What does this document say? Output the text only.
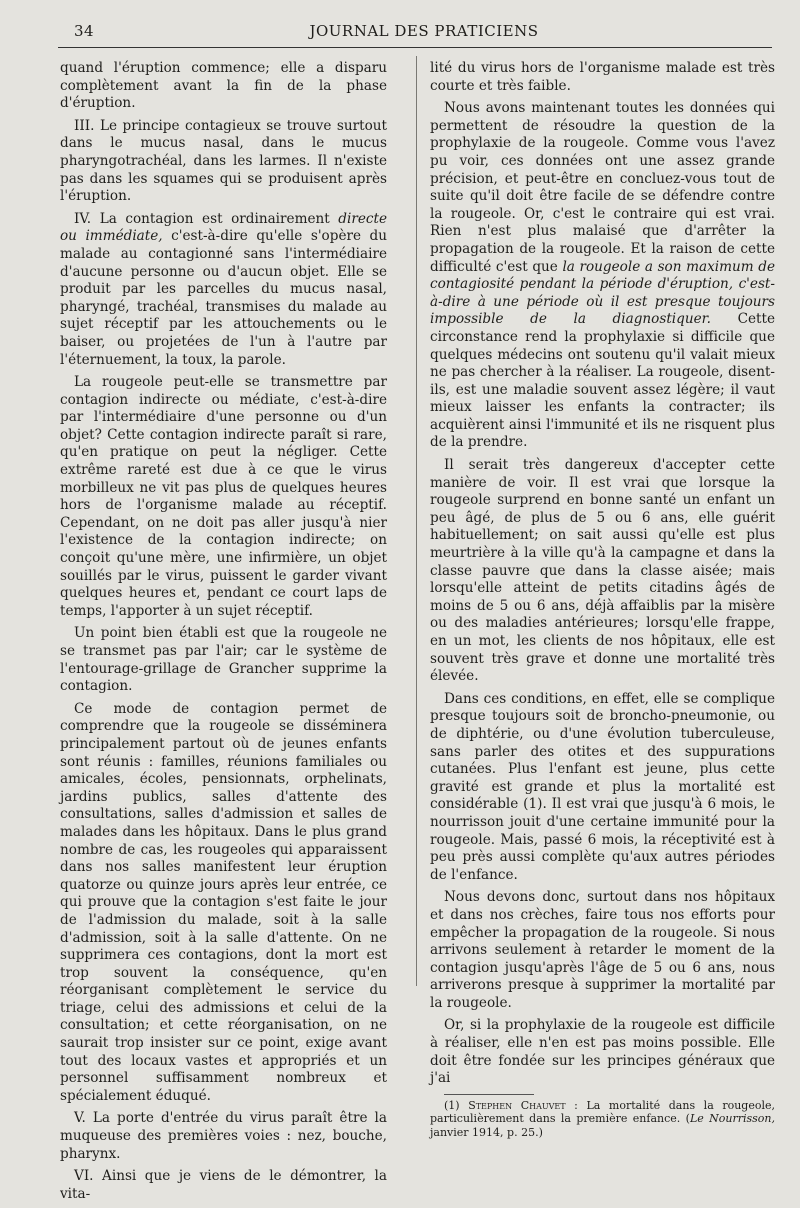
34	JOURNAL DES PRATICIENS

quand l'éruption commence; elle a disparu complètement avant la fin de la phase d'éruption.

III. Le principe contagieux se trouve surtout dans le mucus nasal, dans le mucus pharyngotrachéal, dans les larmes. Il n'existe pas dans les squames qui se produisent après l'éruption.

IV. La contagion est ordinairement directe ou immédiate, c'est-à-dire qu'elle s'opère du malade au contagionné sans l'intermédiaire d'aucune personne ou d'aucun objet. Elle se produit par les parcelles du mucus nasal, pharyngé, trachéal, transmises du malade au sujet réceptif par les attouchements ou le baiser, ou projetées de l'un à l'autre par l'éternuement, la toux, la parole.

La rougeole peut-elle se transmettre par contagion indirecte ou médiate, c'est-à-dire par l'intermédiaire d'une personne ou d'un objet? Cette contagion indirecte paraît si rare, qu'en pratique on peut la négliger. Cette extrême rareté est due à ce que le virus morbilleux ne vit pas plus de quelques heures hors de l'organisme malade au réceptif. Cependant, on ne doit pas aller jusqu'à nier l'existence de la contagion indirecte; on conçoit qu'une mère, une infirmière, un objet souillés par le virus, puissent le garder vivant quelques heures et, pendant ce court laps de temps, l'apporter à un sujet réceptif.

Un point bien établi est que la rougeole ne se transmet pas par l'air; car le système de l'entourage-grillage de Grancher supprime la contagion.

Ce mode de contagion permet de comprendre que la rougeole se disséminera principalement partout où de jeunes enfants sont réunis : familles, réunions familiales ou amicales, écoles, pensionnats, orphelinats, jardins publics, salles d'attente des consultations, salles d'admission et salles de malades dans les hôpitaux. Dans le plus grand nombre de cas, les rougeoles qui apparaissent dans nos salles manifestent leur éruption quatorze ou quinze jours après leur entrée, ce qui prouve que la contagion s'est faite le jour de l'admission du malade, soit à la salle d'admission, soit à la salle d'attente. On ne supprimera ces contagions, dont la mort est trop souvent la conséquence, qu'en réorganisant complètement le service du triage, celui des admissions et celui de la consultation; et cette réorganisation, on ne saurait trop insister sur ce point, exige avant tout des locaux vastes et appropriés et un personnel suffisamment nombreux et spécialement éduqué.

V. La porte d'entrée du virus paraît être la muqueuse des premières voies : nez, bouche, pharynx.

VI. Ainsi que je viens de le démontrer, la vita-

lité du virus hors de l'organisme malade est très courte et très faible.

Nous avons maintenant toutes les données qui permettent de résoudre la question de la prophylaxie de la rougeole. Comme vous l'avez pu voir, ces données ont une assez grande précision, et peut-être en concluez-vous tout de suite qu'il doit être facile de se défendre contre la rougeole. Or, c'est le contraire qui est vrai. Rien n'est plus malaisé que d'arrêter la propagation de la rougeole. Et la raison de cette difficulté c'est que la rougeole a son maximum de contagiosité pendant la période d'éruption, c'est-à-dire à une période où il est presque toujours impossible de la diagnostiquer. Cette circonstance rend la prophylaxie si difficile que quelques médecins ont soutenu qu'il valait mieux ne pas chercher à la réaliser. La rougeole, disent-ils, est une maladie souvent assez légère; il vaut mieux laisser les enfants la contracter; ils acquièrent ainsi l'immunité et ils ne risquent plus de la prendre.

Il serait très dangereux d'accepter cette manière de voir. Il est vrai que lorsque la rougeole surprend en bonne santé un enfant un peu âgé, de plus de 5 ou 6 ans, elle guérit habituellement; on sait aussi qu'elle est plus meurtrière à la ville qu'à la campagne et dans la classe pauvre que dans la classe aisée; mais lorsqu'elle atteint de petits citadins âgés de moins de 5 ou 6 ans, déjà affaiblis par la misère ou des maladies antérieures; lorsqu'elle frappe, en un mot, les clients de nos hôpitaux, elle est souvent très grave et donne une mortalité très élevée.

Dans ces conditions, en effet, elle se complique presque toujours soit de broncho-pneumonie, ou de diphtérie, ou d'une évolution tuberculeuse, sans parler des otites et des suppurations cutanées. Plus l'enfant est jeune, plus cette gravité est grande et plus la mortalité est considérable (1). Il est vrai que jusqu'à 6 mois, le nourrisson jouit d'une certaine immunité pour la rougeole. Mais, passé 6 mois, la réceptivité est à peu près aussi complète qu'aux autres périodes de l'enfance.

Nous devons donc, surtout dans nos hôpitaux et dans nos crèches, faire tous nos efforts pour empêcher la propagation de la rougeole. Si nous arrivons seulement à retarder le moment de la contagion jusqu'après l'âge de 5 ou 6 ans, nous arriverons presque à supprimer la mortalité par la rougeole.

Or, si la prophylaxie de la rougeole est difficile à réaliser, elle n'en est pas moins possible. Elle doit être fondée sur les principes généraux que j'ai

(1) Stephen Chauvet : La mortalité dans la rougeole, particulièrement dans la première enfance. (Le Nourrisson, janvier 1914, p. 25.)
